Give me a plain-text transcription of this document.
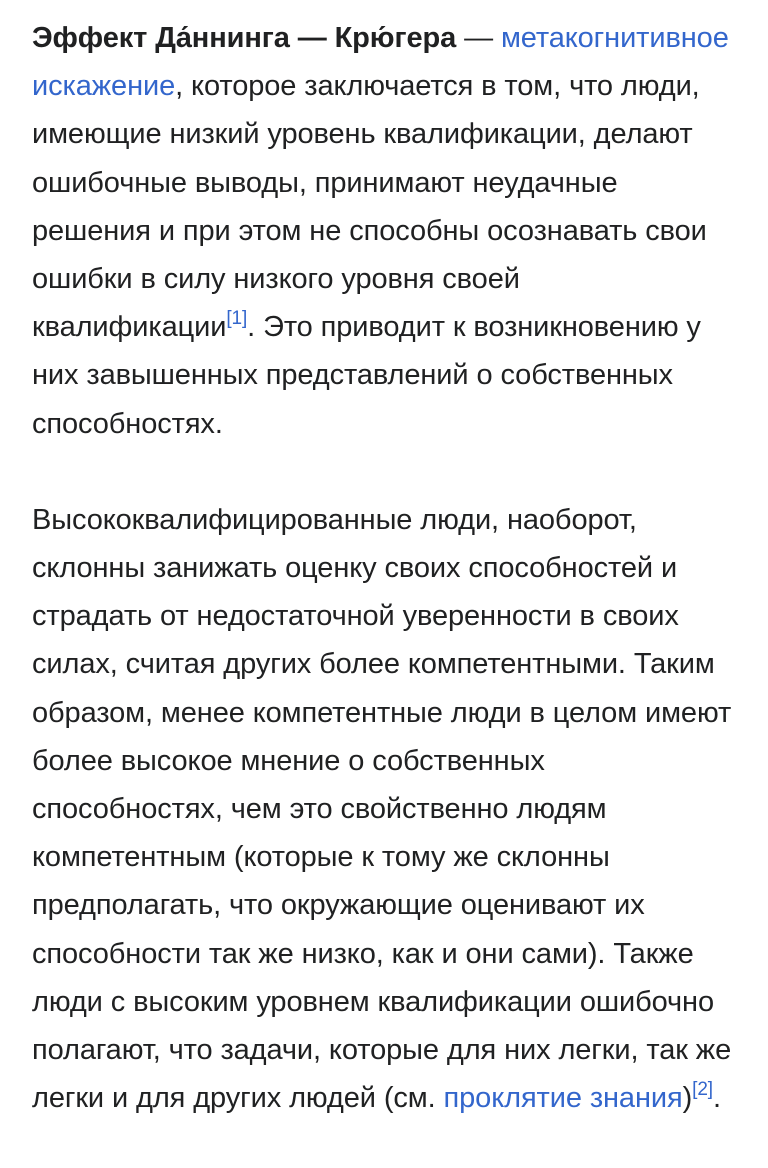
Эффект Да́ннинга — Крю́гера — метакогнитивное искажение, которое заключается в том, что люди, имеющие низкий уровень квалификации, делают ошибочные выводы, принимают неудачные решения и при этом не способны осознавать свои ошибки в силу низкого уровня своей квалификации[1]. Это приводит к возникновению у них завышенных представлений о собственных способностях.

Высококвалифицированные люди, наоборот, склонны занижать оценку своих способностей и страдать от недостаточной уверенности в своих силах, считая других более компетентными. Таким образом, менее компетентные люди в целом имеют более высокое мнение о собственных способностях, чем это свойственно людям компетентным (которые к тому же склонны предполагать, что окружающие оценивают их способности так же низко, как и они сами). Также люди с высоким уровнем квалификации ошибочно полагают, что задачи, которые для них легки, так же легки и для других людей (см. проклятие знания)[2].
